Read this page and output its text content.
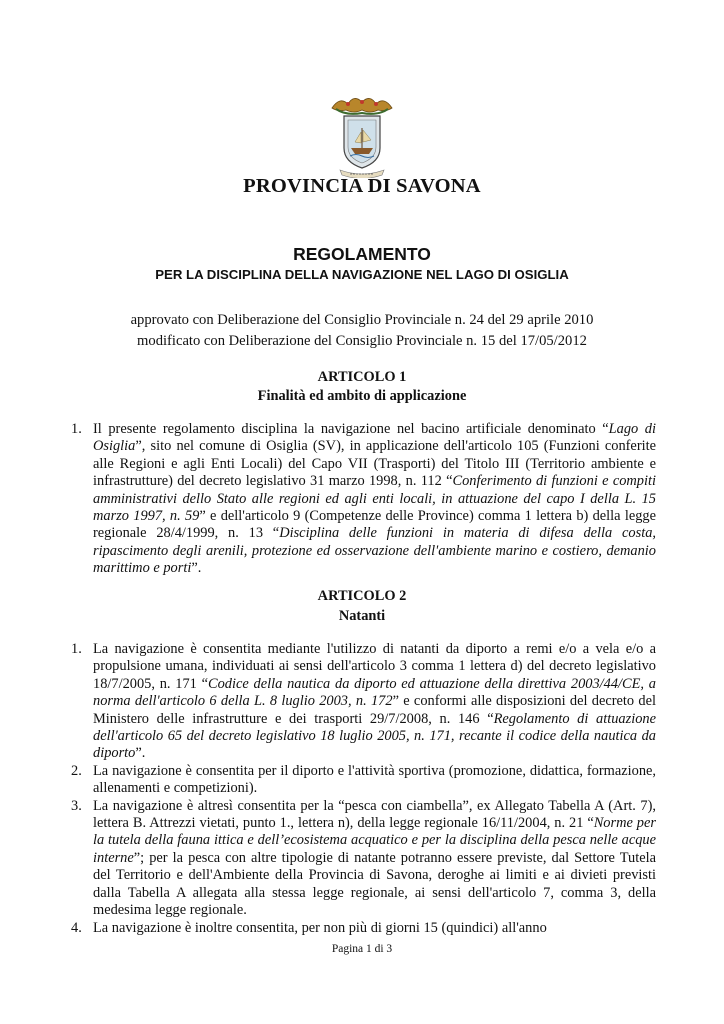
PROVINCIA DI SAVONA
REGOLAMENTO
PER LA DISCIPLINA DELLA NAVIGAZIONE NEL LAGO DI OSIGLIA
approvato con Deliberazione del Consiglio Provinciale n. 24 del 29 aprile 2010
modificato con Deliberazione del Consiglio Provinciale n. 15 del 17/05/2012
ARTICOLO 1
Finalità ed ambito di applicazione
1. Il presente regolamento disciplina la navigazione nel bacino artificiale denominato “Lago di Osiglia”, sito nel comune di Osiglia (SV), in applicazione dell'articolo 105 (Funzioni conferite alle Regioni e agli Enti Locali) del Capo VII (Trasporti) del Titolo III (Territorio ambiente e infrastrutture) del decreto legislativo 31 marzo 1998, n. 112 “Conferimento di funzioni e compiti amministrativi dello Stato alle regioni ed agli enti locali, in attuazione del capo I della L. 15 marzo 1997, n. 59” e dell'articolo 9 (Competenze delle Province) comma 1 lettera b) della legge regionale 28/4/1999, n. 13 “Disciplina delle funzioni in materia di difesa della costa, ripascimento degli arenili, protezione ed osservazione dell'ambiente marino e costiero, demanio marittimo e porti”.
ARTICOLO 2
Natanti
1. La navigazione è consentita mediante l'utilizzo di natanti da diporto a remi e/o a vela e/o a propulsione umana, individuati ai sensi dell'articolo 3 comma 1 lettera d) del decreto legislativo 18/7/2005, n. 171 “Codice della nautica da diporto ed attuazione della direttiva 2003/44/CE, a norma dell'articolo 6 della L. 8 luglio 2003, n. 172” e conformi alle disposizioni del decreto del Ministero delle infrastrutture e dei trasporti 29/7/2008, n. 146 “Regolamento di attuazione dell'articolo 65 del decreto legislativo 18 luglio 2005, n. 171, recante il codice della nautica da diporto”.
2. La navigazione è consentita per il diporto e l'attività sportiva (promozione, didattica, formazione, allenamenti e competizioni).
3. La navigazione è altresì consentita per la “pesca con ciambella”, ex Allegato Tabella A (Art. 7), lettera B. Attrezzi vietati, punto 1., lettera n), della legge regionale 16/11/2004, n. 21 “Norme per la tutela della fauna ittica e dell’ecosistema acquatico e per la disciplina della pesca nelle acque interne”; per la pesca con altre tipologie di natante potranno essere previste, dal Settore Tutela del Territorio e dell'Ambiente della Provincia di Savona, deroghe ai limiti e ai divieti previsti dalla Tabella A allegata alla stessa legge regionale, ai sensi dell'articolo 7, comma 3, della medesima legge regionale.
4. La navigazione è inoltre consentita, per non più di giorni 15 (quindici) all'anno
Pagina 1 di 3
